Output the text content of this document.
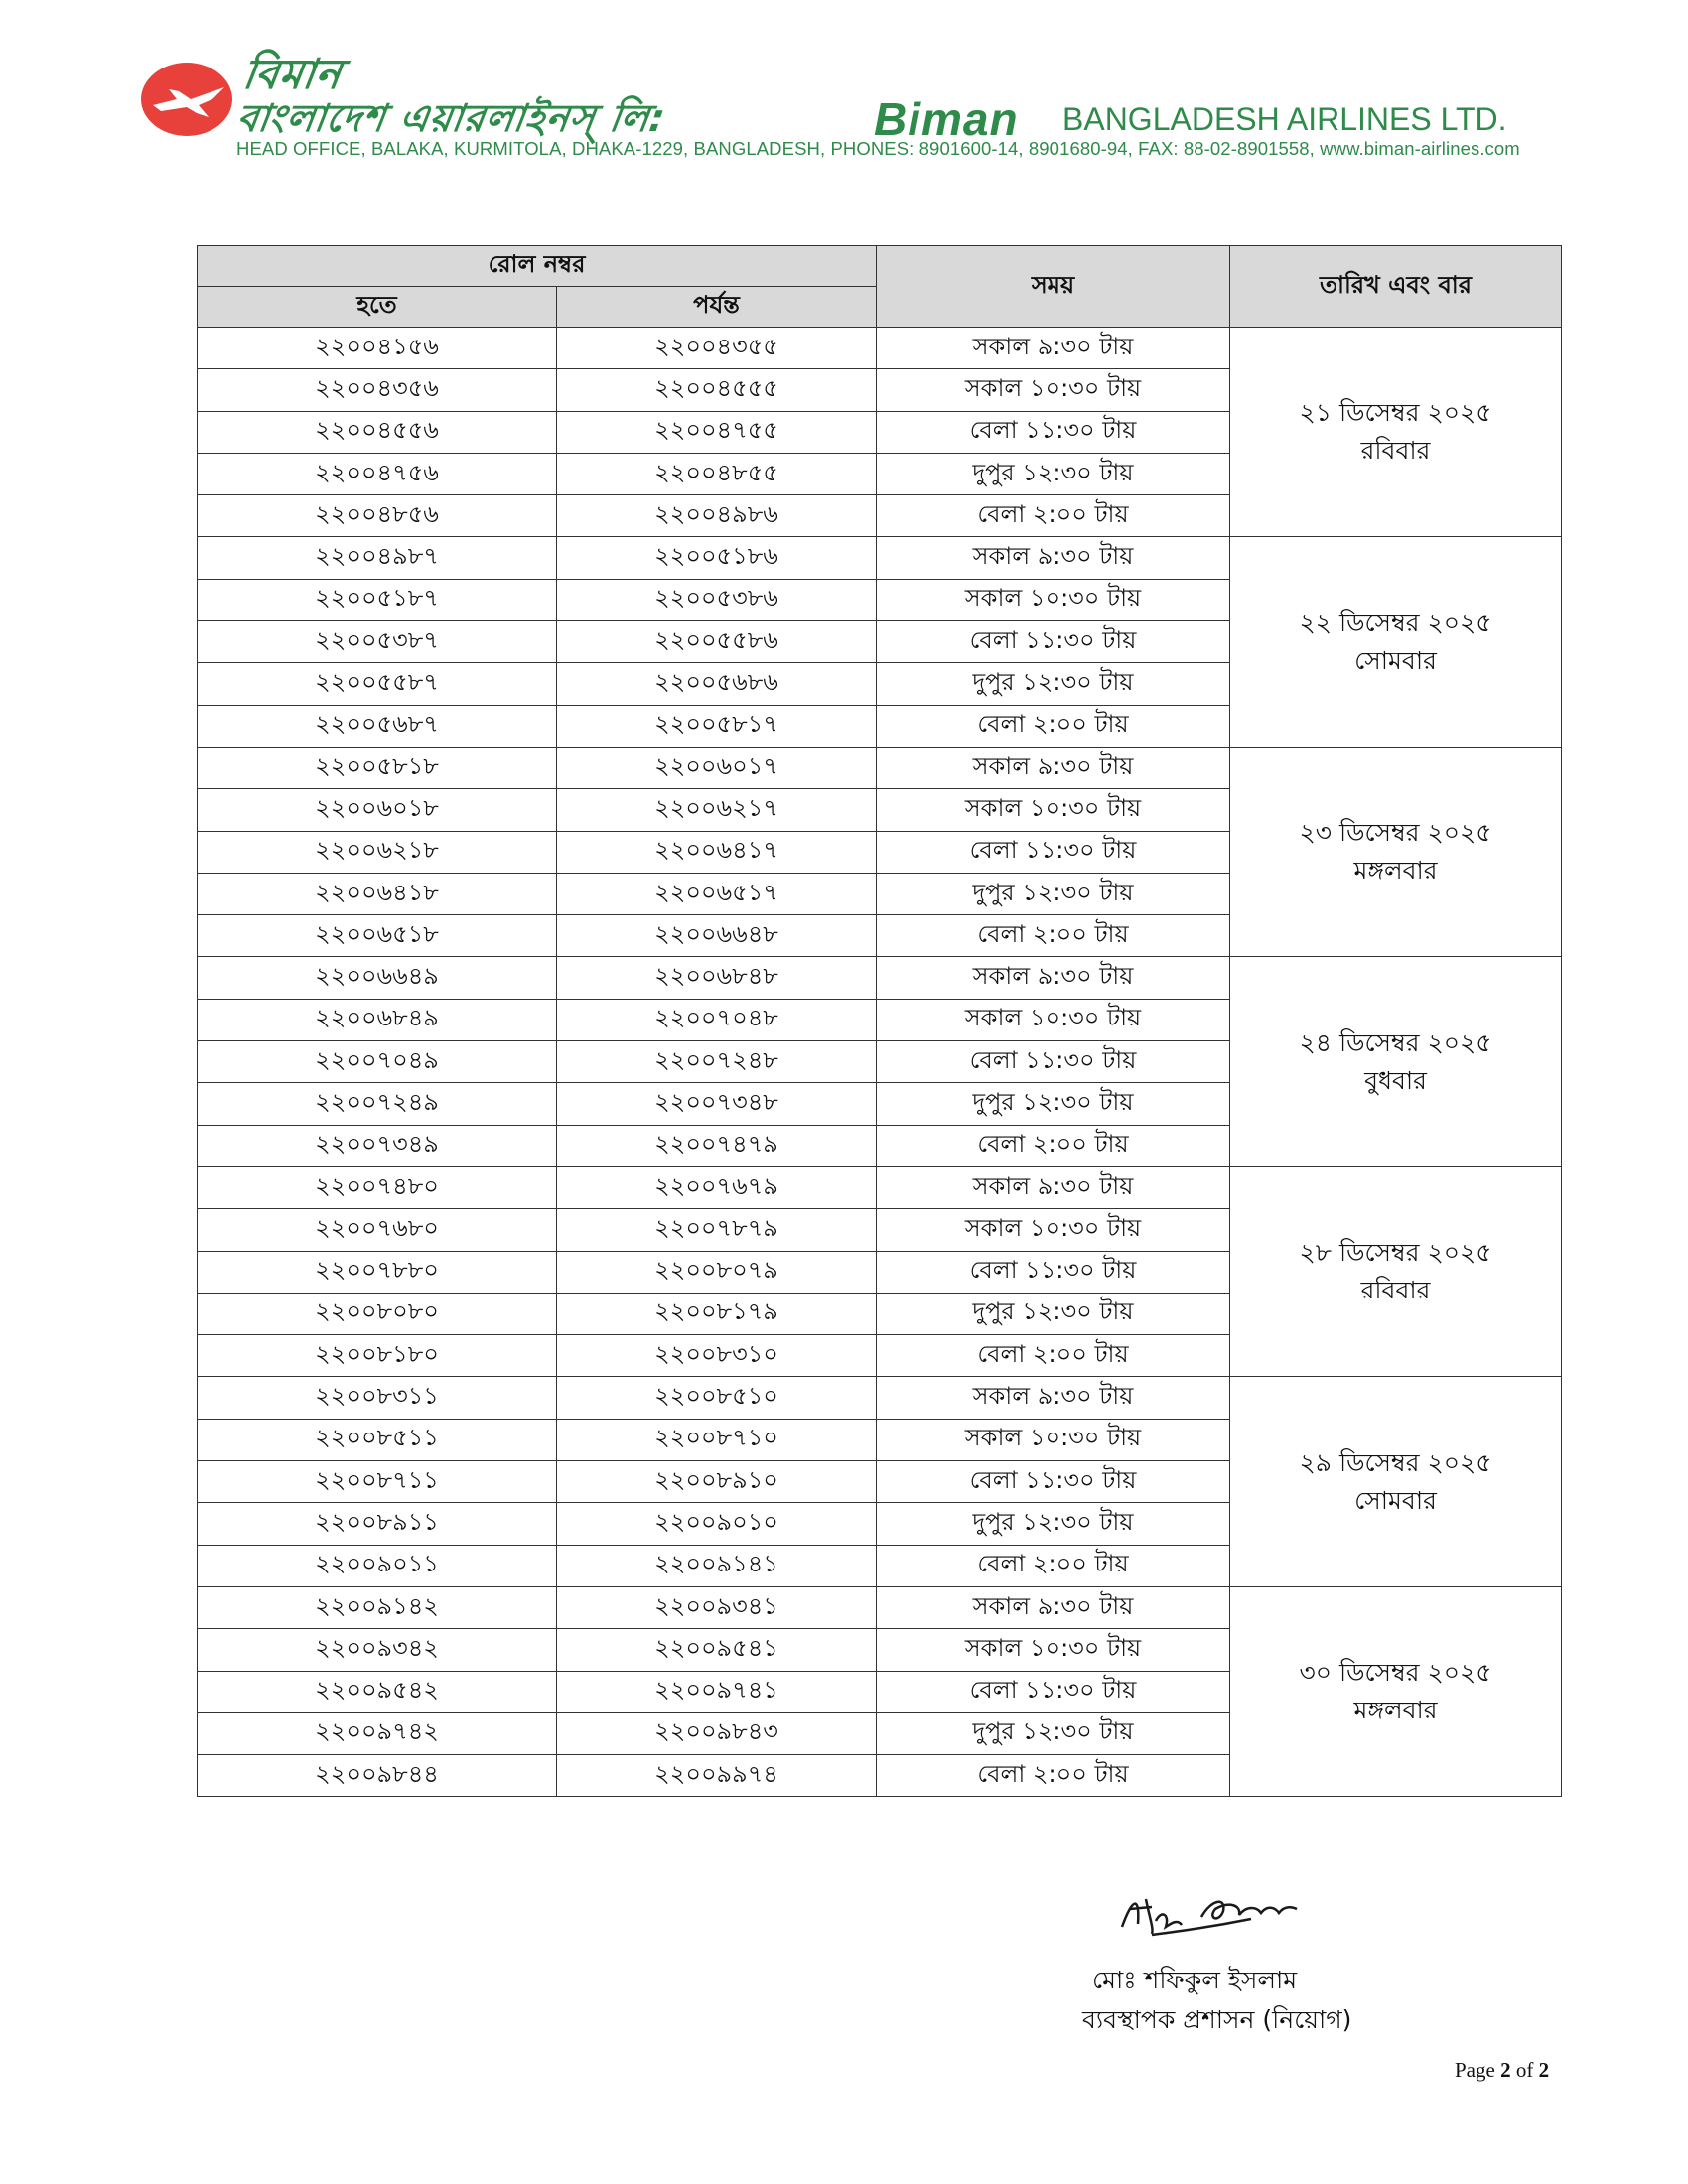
বিমান
বাংলাদেশ এয়ারলাইনস্ লি:	Biman BANGLADESH AIRLINES LTD.
HEAD OFFICE, BALAKA, KURMITOLA, DHAKA-1229, BANGLADESH, PHONES: 8901600-14, 8901680-94, FAX: 88-02-8901558, www.biman-airlines.com
রোল নম্বর		সময়	তারিখ এবং বার
হতে	পর্যন্ত		
২২০০৪১৫৬	২২০০৪৩৫৫	সকাল ৯:৩০ টায়	২১ ডিসেম্বর ২০২৫
রবিবার

২২০০৪৩৫৬	২২০০৪৫৫৫	সকাল ১০:৩০ টায়	
২২০০৪৫৫৬	২২০০৪৭৫৫	বেলা ১১:৩০ টায়	
২২০০৪৭৫৬	২২০০৪৮৫৫	দুপুর ১২:৩০ টায়	
২২০০৪৮৫৬	২২০০৪৯৮৬	বেলা ২:০০ টায়	
২২০০৪৯৮৭	২২০০৫১৮৬	সকাল ৯:৩০ টায়	২২ ডিসেম্বর ২০২৫
সোমবার

২২০০৫১৮৭	২২০০৫৩৮৬	সকাল ১০:৩০ টায়	
২২০০৫৩৮৭	২২০০৫৫৮৬	বেলা ১১:৩০ টায়	
২২০০৫৫৮৭	২২০০৫৬৮৬	দুপুর ১২:৩০ টায়	
২২০০৫৬৮৭	২২০০৫৮১৭	বেলা ২:০০ টায়	
২২০০৫৮১৮	২২০০৬০১৭	সকাল ৯:৩০ টায়	২৩ ডিসেম্বর ২০২৫
মঙ্গলবার

২২০০৬০১৮	২২০০৬২১৭	সকাল ১০:৩০ টায়	
২২০০৬২১৮	২২০০৬৪১৭	বেলা ১১:৩০ টায়	
২২০০৬৪১৮	২২০০৬৫১৭	দুপুর ১২:৩০ টায়	
২২০০৬৫১৮	২২০০৬৬৪৮	বেলা ২:০০ টায়	
২২০০৬৬৪৯	২২০০৬৮৪৮	সকাল ৯:৩০ টায়	২৪ ডিসেম্বর ২০২৫
বুধবার

২২০০৬৮৪৯	২২০০৭০৪৮	সকাল ১০:৩০ টায়	
২২০০৭০৪৯	২২০০৭২৪৮	বেলা ১১:৩০ টায়	
২২০০৭২৪৯	২২০০৭৩৪৮	দুপুর ১২:৩০ টায়	
২২০০৭৩৪৯	২২০০৭৪৭৯	বেলা ২:০০ টায়	
২২০০৭৪৮০	২২০০৭৬৭৯	সকাল ৯:৩০ টায়	২৮ ডিসেম্বর ২০২৫
রবিবার

২২০০৭৬৮০	২২০০৭৮৭৯	সকাল ১০:৩০ টায়	
২২০০৭৮৮০	২২০০৮০৭৯	বেলা ১১:৩০ টায়	
২২০০৮০৮০	২২০০৮১৭৯	দুপুর ১২:৩০ টায়	
২২০০৮১৮০	২২০০৮৩১০	বেলা ২:০০ টায়	
২২০০৮৩১১	২২০০৮৫১০	সকাল ৯:৩০ টায়	২৯ ডিসেম্বর ২০২৫
সোমবার

২২০০৮৫১১	২২০০৮৭১০	সকাল ১০:৩০ টায়	
২২০০৮৭১১	২২০০৮৯১০	বেলা ১১:৩০ টায়	
২২০০৮৯১১	২২০০৯০১০	দুপুর ১২:৩০ টায়	
২২০০৯০১১	২২০০৯১৪১	বেলা ২:০০ টায়	
২২০০৯১৪২	২২০০৯৩৪১	সকাল ৯:৩০ টায়	৩০ ডিসেম্বর ২০২৫
মঙ্গলবার

২২০০৯৩৪২	২২০০৯৫৪১	সকাল ১০:৩০ টায়	
২২০০৯৫৪২	২২০০৯৭৪১	বেলা ১১:৩০ টায়	
২২০০৯৭৪২	২২০০৯৮৪৩	দুপুর ১২:৩০ টায়	
২২০০৯৮৪৪	২২০০৯৯৭৪	বেলা ২:০০ টায়	
মোঃ শফিকুল ইসলাম
ব্যবস্থাপক প্রশাসন (নিয়োগ)
Page 2 of 2
